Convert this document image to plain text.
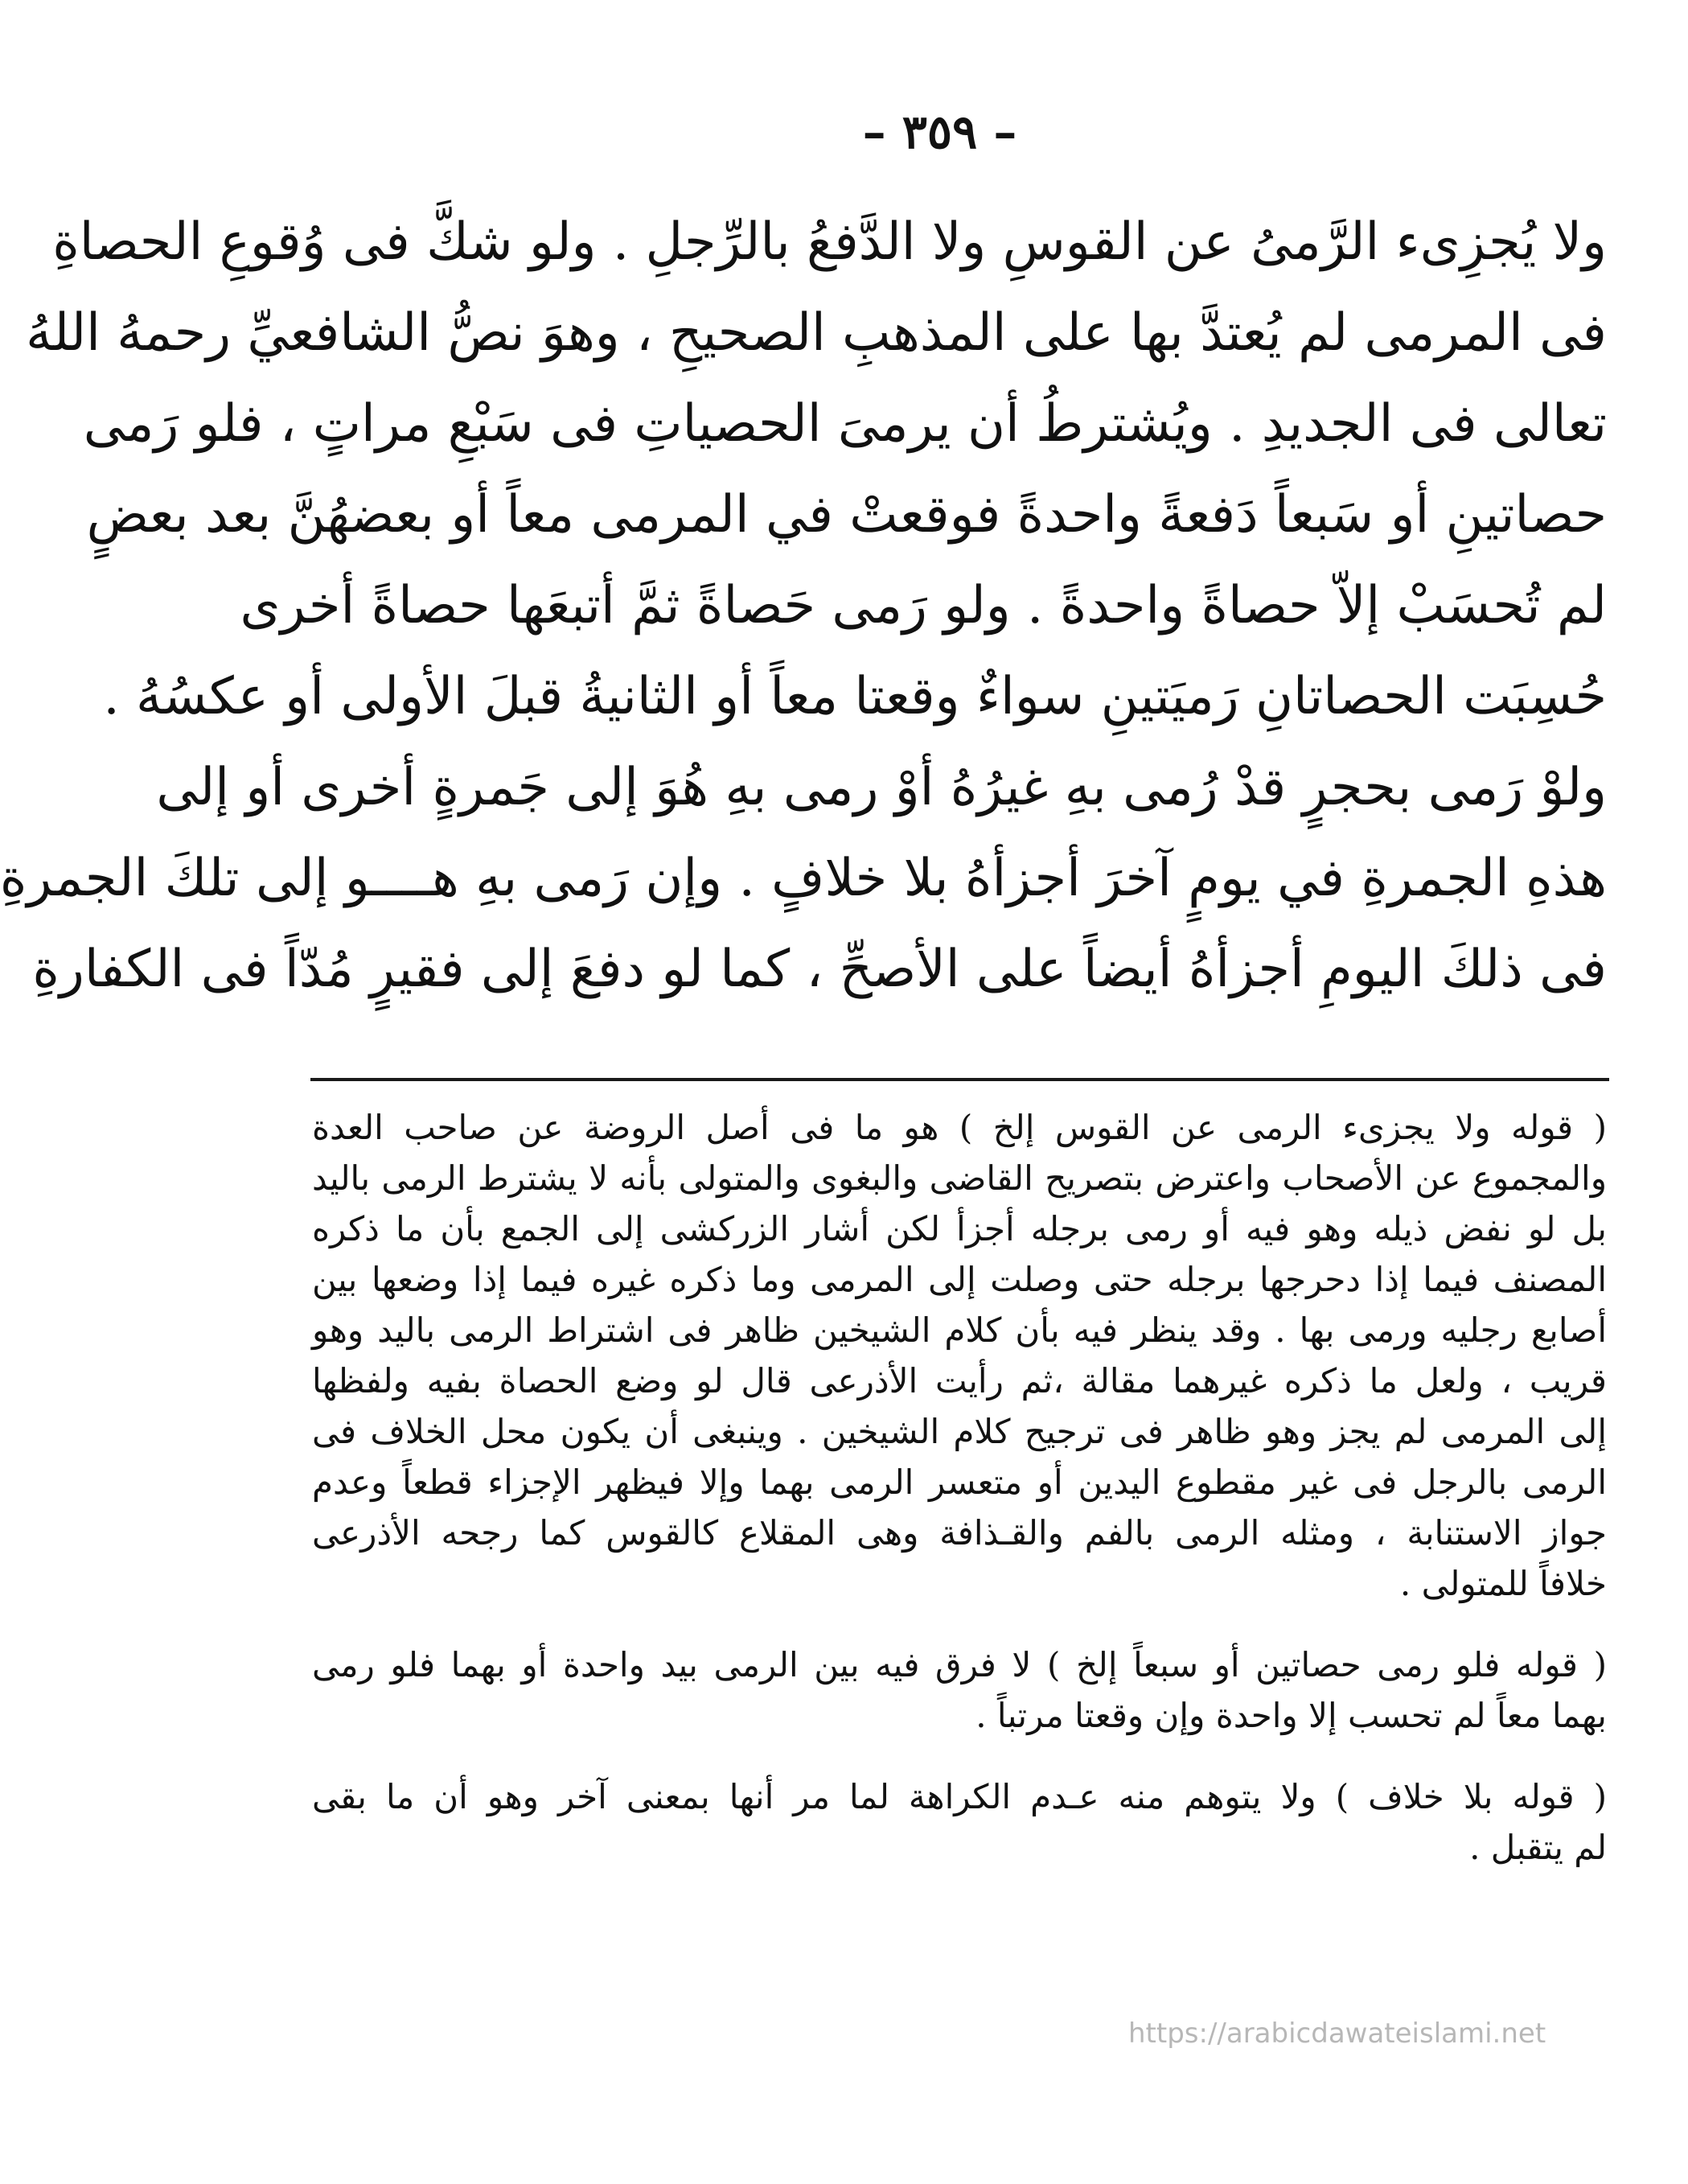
– ٣٥٩ –

ولا يُجزِىء الرَّمىُ عن القوسِ ولا الدَّفعُ بالرِّجلِ . ولو شكَّ فى وُقوعِ الحصاةِ

فى المرمى لم يُعتدَّ بها على المذهبِ الصحيحِ ، وهوَ نصُّ الشافعيِّ رحمهُ اللهُ

تعالى فى الجديدِ . ويُشترطُ أن يرمىَ الحصياتِ فى سَبْعِ مراتٍ ، فلو رَمى

حصاتينِ أو سَبعاً دَفعةً واحدةً فوقعتْ في المرمى معاً أو بعضهُنَّ بعد بعضٍ

لم تُحسَبْ إلاّ حصاةً واحدةً . ولو رَمى حَصاةً ثمَّ أتبعَها حصاةً أخرى

حُسِبَت الحصاتانِ رَميَتينِ سواءٌ وقعتا معاً أو الثانيةُ قبلَ الأولى أو عكسُهُ .

ولوْ رَمى بحجرٍ قدْ رُمى بهِ غيرُهُ أوْ رمى بهِ هُوَ إلى جَمرةٍ أخرى أو إلى

هذهِ الجمرةِ في يومٍ آخرَ أجزأهُ بلا خلافٍ . وإن رَمى بهِ هــــو إلى تلكَ الجمرةِ

فى ذلكَ اليومِ أجزأهُ أيضاً على الأصحِّ ، كما لو دفعَ إلى فقيرٍ مُدّاً فى الكفارةِ

( قوله ولا يجزىء الرمى عن القوس إلخ ) هو ما فى أصل الروضة عن صاحب العدة

والمجموع عن الأصحاب واعترض بتصريح القاضى والبغوى والمتولى بأنه لا يشترط الرمى باليد

بل لو نفض ذيله وهو فيه أو رمى برجله أجزأ لكن أشار الزركشى إلى الجمع بأن ما ذكره

المصنف فيما إذا دحرجها برجله حتى وصلت إلى المرمى وما ذكره غيره فيما إذا وضعها بين

أصابع رجليه ورمى بها . وقد ينظر فيه بأن كلام الشيخين ظاهر فى اشتراط الرمى باليد وهو

قريب ، ولعل ما ذكره غيرهما مقالة ،ثم رأيت الأذرعى قال لو وضع الحصاة بفيه ولفظها

إلى المرمى لم يجز وهو ظاهر فى ترجيح كلام الشيخين . وينبغى أن يكون محل الخلاف فى

الرمى بالرجل فى غير مقطوع اليدين أو متعسر الرمى بهما وإلا فيظهر الإجزاء قطعاً وعدم

جواز الاستنابة ، ومثله الرمى بالفم والقـذافة وهى المقلاع كالقوس كما رجحه الأذرعى

خلافاً للمتولى .

( قوله فلو رمى حصاتين أو سبعاً إلخ ) لا فرق فيه بين الرمى بيد واحدة أو بهما فلو رمى

بهما معاً لم تحسب إلا واحدة وإن وقعتا مرتباً .

( قوله بلا خلاف ) ولا يتوهم منه عـدم الكراهة لما مر أنها بمعنى آخر وهو أن ما بقى

لم يتقبل .

https://arabicdawateislami.net
